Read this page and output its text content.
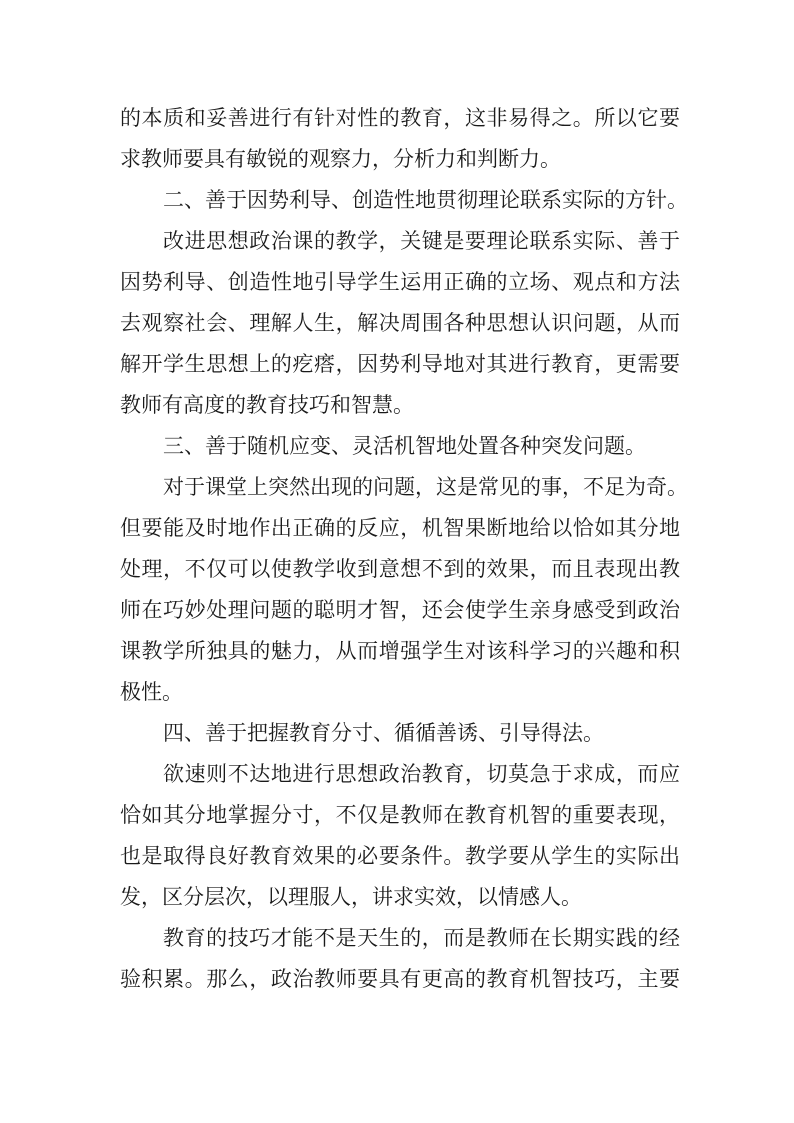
的本质和妥善进行有针对性的教育，这非易得之。所以它要
求教师要具有敏锐的观察力，分析力和判断力。
二、善于因势利导、创造性地贯彻理论联系实际的方针。
改进思想政治课的教学，关键是要理论联系实际、善于
因势利导、创造性地引导学生运用正确的立场、观点和方法
去观察社会、理解人生，解决周围各种思想认识问题，从而
解开学生思想上的疙瘩，因势利导地对其进行教育，更需要
教师有高度的教育技巧和智慧。
三、善于随机应变、灵活机智地处置各种突发问题。
对于课堂上突然出现的问题，这是常见的事，不足为奇。
但要能及时地作出正确的反应，机智果断地给以恰如其分地
处理，不仅可以使教学收到意想不到的效果，而且表现出教
师在巧妙处理问题的聪明才智，还会使学生亲身感受到政治
课教学所独具的魅力，从而增强学生对该科学习的兴趣和积
极性。
四、善于把握教育分寸、循循善诱、引导得法。
欲速则不达地进行思想政治教育，切莫急于求成，而应
恰如其分地掌握分寸，不仅是教师在教育机智的重要表现，
也是取得良好教育效果的必要条件。教学要从学生的实际出
发，区分层次，以理服人，讲求实效，以情感人。
教育的技巧才能不是天生的，而是教师在长期实践的经
验积累。那么，政治教师要具有更高的教育机智技巧，主要
